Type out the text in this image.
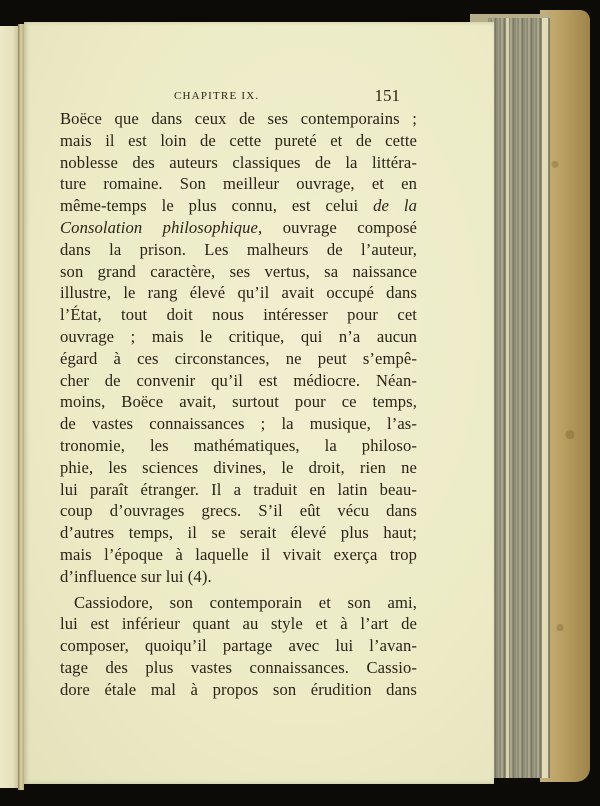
CHAPITRE IX.	151
Boëce que dans ceux de ses contemporains ;
mais il est loin de cette pureté et de cette
noblesse des auteurs classiques de la littéra-
ture romaine. Son meilleur ouvrage, et en
même-temps le plus connu, est celui de la
Consolation philosophique, ouvrage composé
dans la prison. Les malheurs de l’auteur,
son grand caractère, ses vertus, sa naissance
illustre, le rang élevé qu’il avait occupé dans
l’État, tout doit nous intéresser pour cet
ouvrage ; mais le critique, qui n’a aucun
égard à ces circonstances, ne peut s’empê-
cher de convenir qu’il est médiocre. Néan-
moins, Boëce avait, surtout pour ce temps,
de vastes connaissances ; la musique, l’as-
tronomie, les mathématiques, la philoso-
phie, les sciences divines, le droit, rien ne
lui paraît étranger. Il a traduit en latin beau-
coup d’ouvrages grecs. S’il eût vécu dans
d’autres temps, il se serait élevé plus haut;
mais l’époque à laquelle il vivait exerça trop
d’influence sur lui (4).
Cassiodore, son contemporain et son ami,
lui est inférieur quant au style et à l’art de
composer, quoiqu’il partage avec lui l’avan-
tage des plus vastes connaissances. Cassio-
dore étale mal à propos son érudition dans
